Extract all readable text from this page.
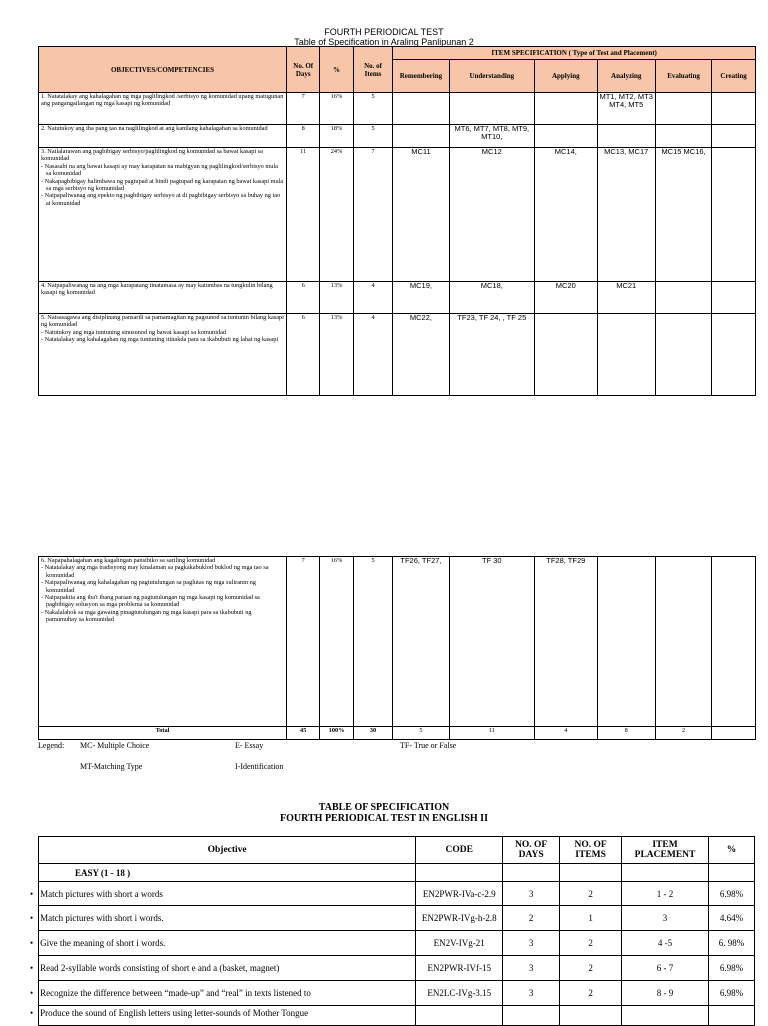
FOURTH PERIODICAL TEST
Table of Specification in Araling Panlipunan 2
OBJECTIVES/COMPETENCIES	No. Of Days	%	No. of Items	ITEM SPECIFICATION ( Type of Test and Placement)					
				Remembering	Understanding	Applying	Analyzing	Evaluating	Creating
1. Natatalakay ang kahalagahan ng mga paglilingkod /serbisyo ng komunidad upang matugunan ang pangangailangan ng mga kasapi ng komunidad	7	16%	5				MT1, MT2, MT3 MT4, MT5		
2. Natutukoy ang iba pang tao na naglilingkod at ang kanilang kahalagahan sa komunidad	8	18%	5		MT6, MT7, MT8, MT9, MT10,				
3. Nailalarawan ang pagbibigay serbisyo/paglilingkod ng komunidad sa bawat kasapi sa komunidad
- Nasasabi na ang bawat kasapi ay may karapatan na mabigyan ng paglilingkod/serbisyo mula sa komunidad
- Nakapagbibigay halimbawa ng pagtupad at hindi pagtupad ng karapatan ng bawat kasapi mula sa mga serbisyo ng komunidad
- Naipapaliwanag ang epekto ng pagbibigay serbisyo at di pagbibigay serbisyo sa buhay ng tao at komunidad	11	24%	7	MC11	MC12	MC14,	MC13, MC17	MC15 MC16,	
4. Naipapaliwanag na ang mga karapatang tinatamasa ay may katumbas na tungkulin bilang kasapi ng komunidad	6	13%	4	MC19,	MC18,	MC20	MC21		
5. Naisasagawa ang disiplinang pansarili sa pamamagitan ng pagsunod sa tuntunin bilang kasapi ng komunidad
- Natutukoy ang mga tuntuning sinusunod ng bawat kasapi sa komunidad
- Natatalakay ang kahalagahan ng mga tuntuning itinakda para sa ikabubuti ng lahat ng kasapi	6	13%	4	MC22,	TF23, TF 24, , TF 25				
6. Napapahalagahan ang kagalingan pansibiko sa sariling komunidad
- Natatalakay ang mga tradisyong may kinalaman sa pagkakabuklod buklod ng mga tao sa komunidad
- Naipapaliwanag ang kahalagahan ng pagtutulungan sa paglutas ng mga suliranin ng komunidad
- Naipapakita ang iba't ibang paraan ng pagtutulungan ng mga kasapi ng komunidad sa pagbibigay solusyon sa mga problema sa komunidad
- Nakalalahok sa mga gawaing pinagtutulungan ng mga kasapi para sa ikabubuti ng pamumuhay sa komunidad	7	16%	5	TF26, TF27,	TF 30	TF28, TF29			
Total	45	100%	30	5	11	4	8	2	
Legend: MC- Multiple Choice	E- Essay	TF- True or False
MT-Matching Type	I-Identification
TABLE OF SPECIFICATION
FOURTH PERIODICAL TEST IN ENGLISH II
Objective	CODE	NO. OF DAYS	NO. OF ITEMS	ITEM PLACEMENT	%
EASY (1 - 18 )					
• Match pictures with short a words	EN2PWR-IVa-c-2.9	3	2	1 - 2	6.98%
• Match pictures with short i words.	EN2PWR-IVg-h-2.8	2	1	3	4.64%
• Give the meaning of short i words.	EN2V-IVg-21	3	2	4 -5	6. 98%
• Read 2-syllable words consisting of short e and a (basket, magnet)	EN2PWR-IVf-15	3	2	6 - 7	6.98%
• Recognize the difference between “made-up” and “real” in texts listened to	EN2LC-IVg-3.15	3	2	8 - 9	6.98%
• Produce the sound of English letters using letter-sounds of Mother Tongue					
